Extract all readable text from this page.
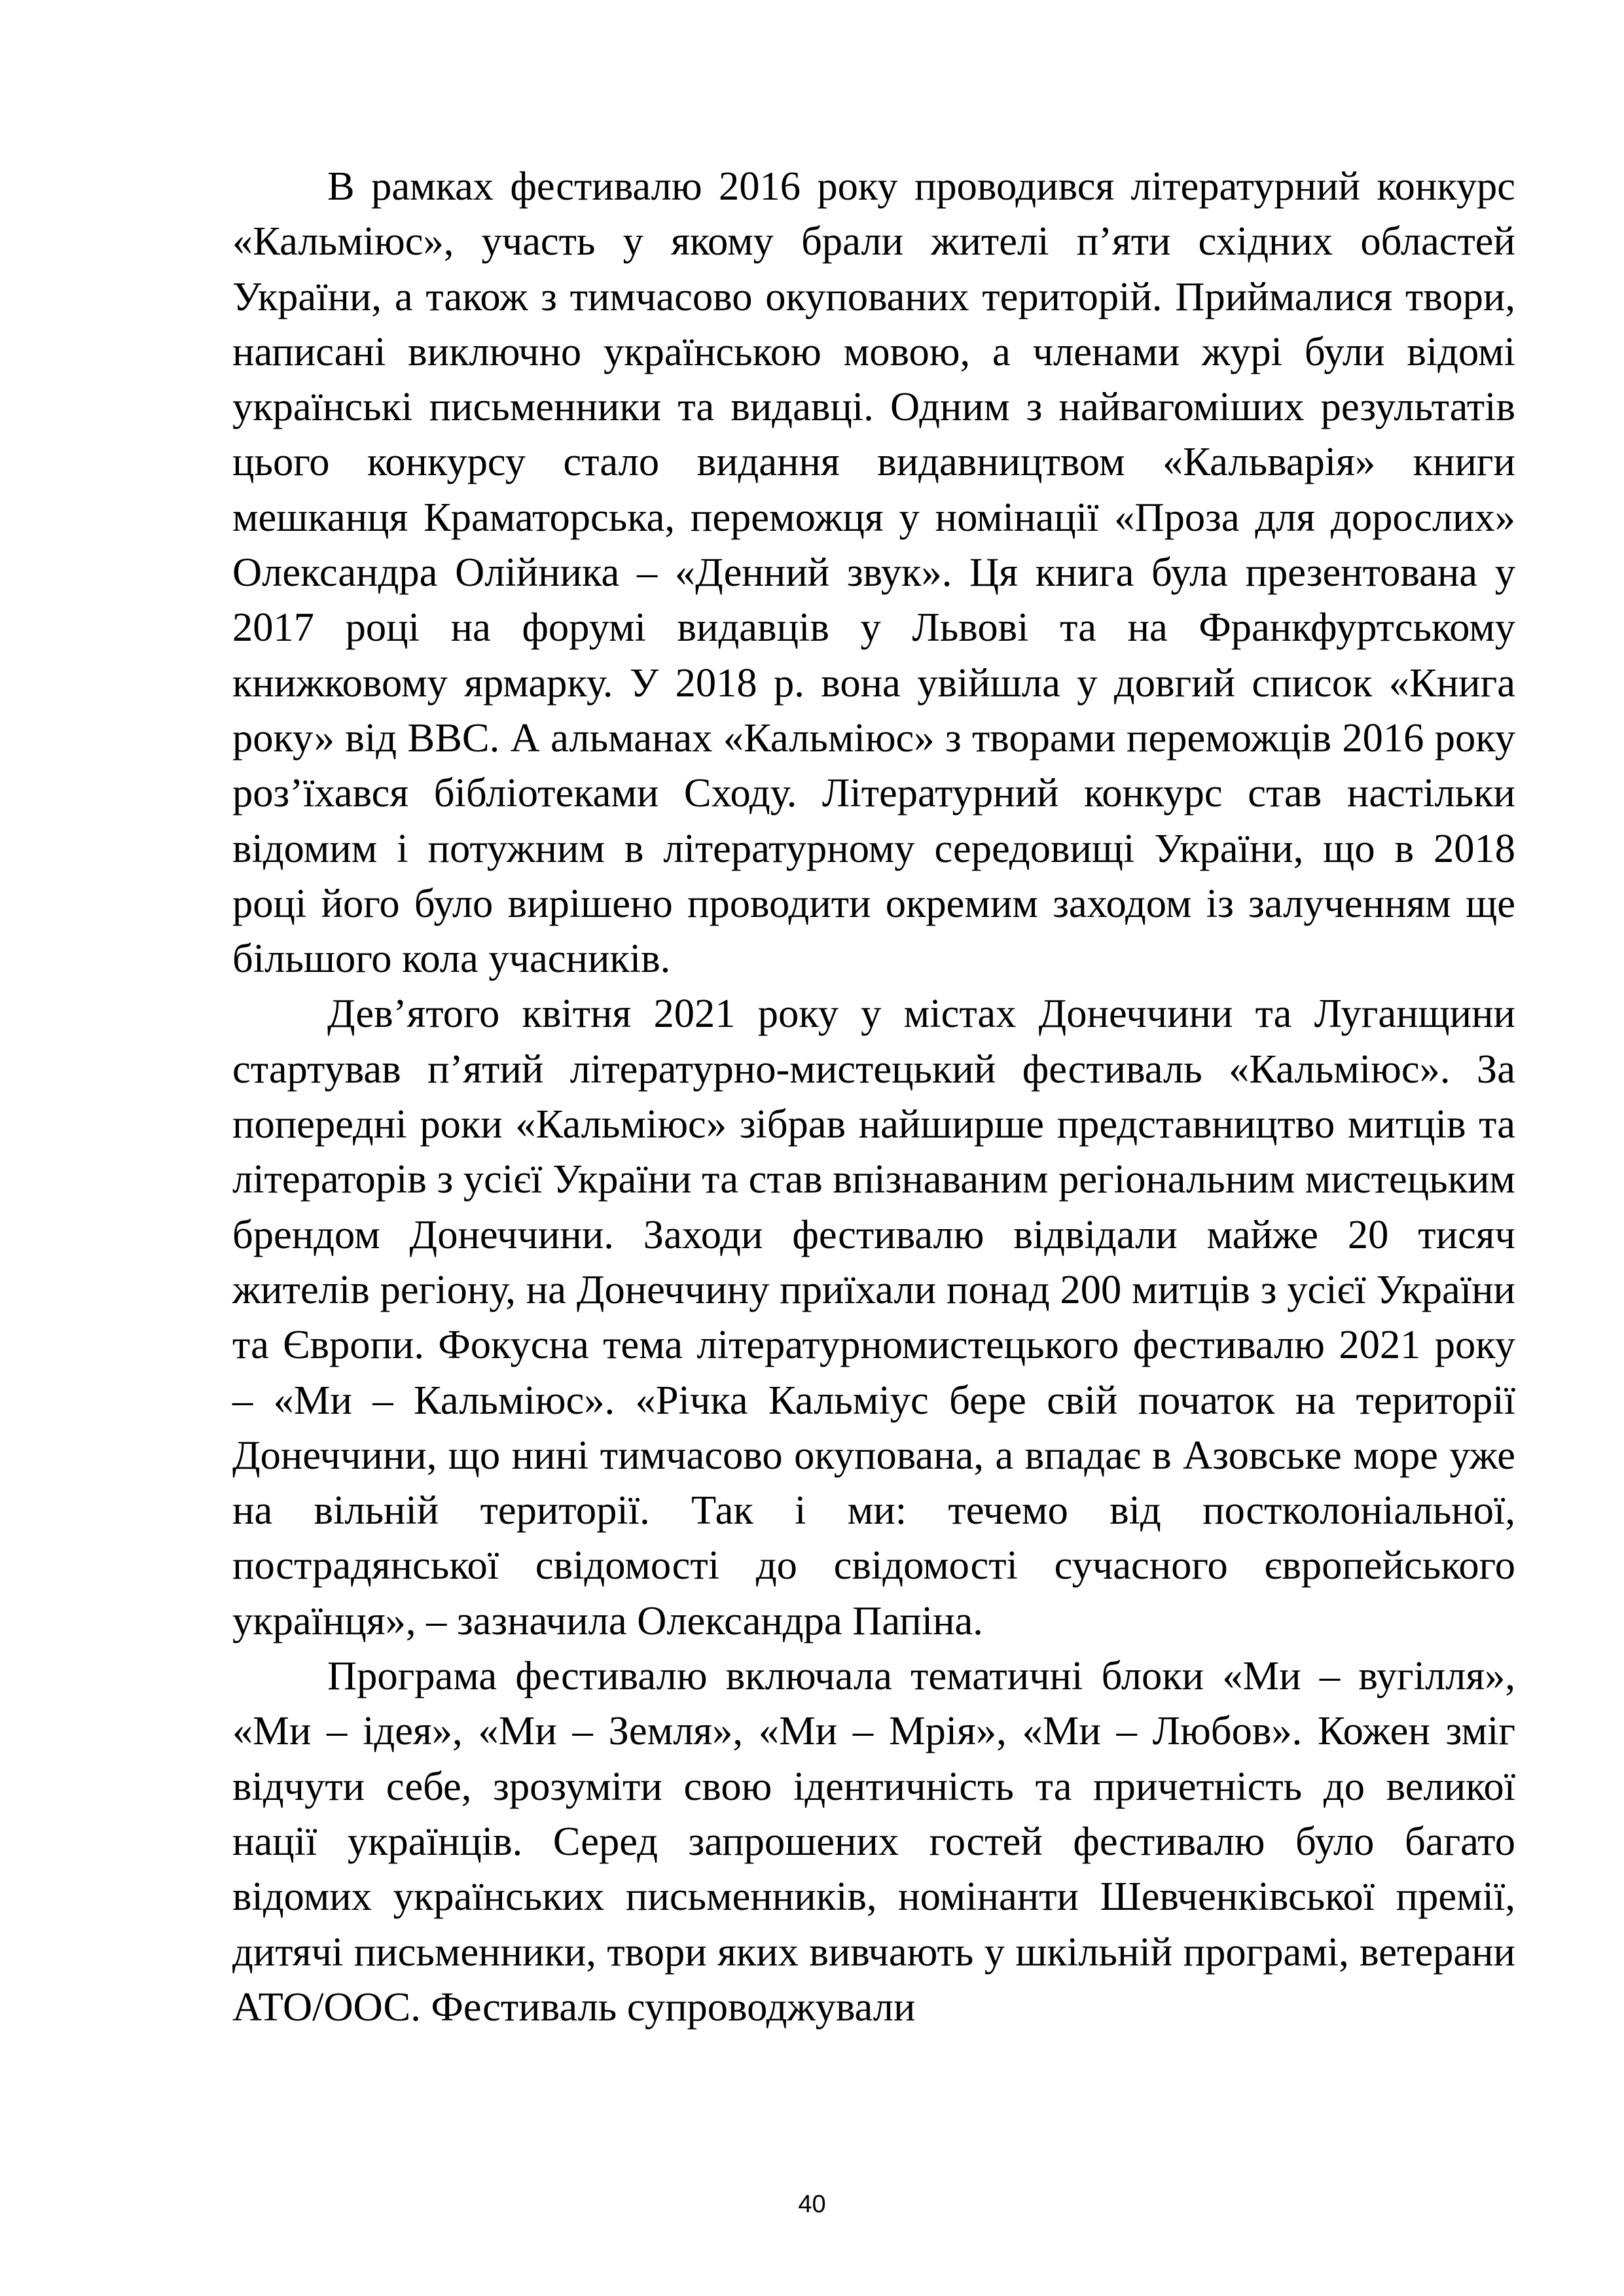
В рамках фестивалю 2016 року проводився літературний конкурс «Кальміюс», участь у якому брали жителі п’яти східних областей України, а також з тимчасово окупованих територій. Приймалися твори, написані виключно українською мовою, а членами журі були відомі українські письменники та видавці. Одним з найвагоміших результатів цього конкурсу стало видання видавництвом «Кальварія» книги мешканця Краматорська, переможця у номінації «Проза для дорослих» Олександра Олійника – «Денний звук». Ця книга була презентована у 2017 році на форумі видавців у Львові та на Франкфуртському книжковому ярмарку. У 2018 р. вона увійшла у довгий список «Книга року» від BBC. А альманах «Кальміюс» з творами переможців 2016 року роз’їхався бібліотеками Сходу. Літературний конкурс став настільки відомим і потужним в літературному середовищі України, що в 2018 році його було вирішено проводити окремим заходом із залученням ще більшого кола учасників.

Дев’ятого квітня 2021 року у містах Донеччини та Луганщини стартував п’ятий літературно-мистецький фестиваль «Кальміюс». За попередні роки «Кальміюс» зібрав найширше представництво митців та літераторів з усієї України та став впізнаваним регіональним мистецьким брендом Донеччини. Заходи фестивалю відвідали майже 20 тисяч жителів регіону, на Донеччину приїхали понад 200 митців з усієї України та Європи. Фокусна тема літературномистецького фестивалю 2021 року – «Ми – Кальміюс». «Річка Кальміус бере свій початок на території Донеччини, що нині тимчасово окупована, а впадає в Азовське море уже на вільній території. Так і ми: течемо від постколоніальної, пострадянської свідомості до свідомості сучасного європейського українця», – зазначила Олександра Папіна.

Програма фестивалю включала тематичні блоки «Ми – вугілля», «Ми – ідея», «Ми – Земля», «Ми – Мрія», «Ми – Любов». Кожен зміг відчути себе, зрозуміти свою ідентичність та причетність до великої нації українців. Серед запрошених гостей фестивалю було багато відомих українських письменників, номінанти Шевченківської премії, дитячі письменники, твори яких вивчають у шкільній програмі, ветерани АТО/ООС. Фестиваль супроводжували

40
